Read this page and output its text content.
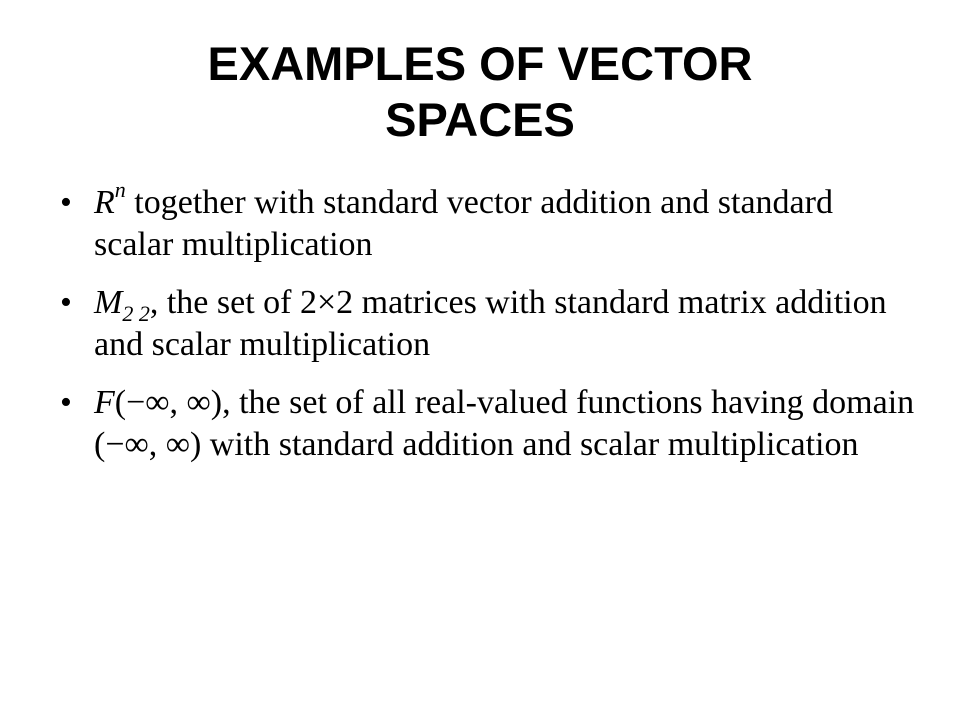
EXAMPLES OF VECTOR
SPACES
• $R^n$ together with standard vector addition and standard scalar multiplication
• $M_{2 2}$, the set of 2×2 matrices with standard matrix addition and scalar multiplication
• F(−∞, ∞), the set of all real-valued functions having domain (−∞, ∞) with standard addition and scalar multiplication
